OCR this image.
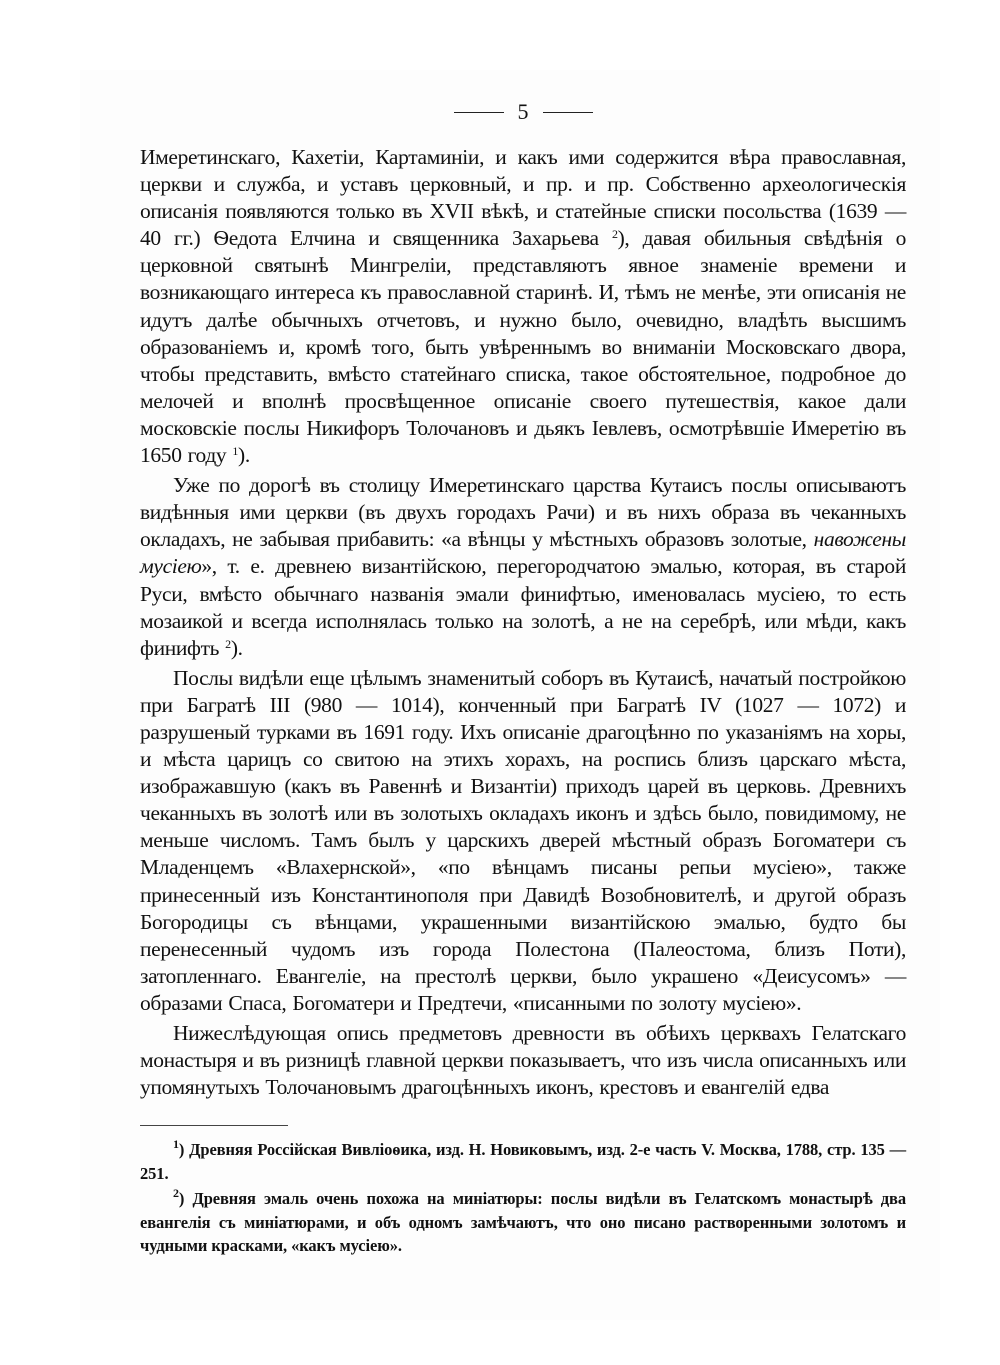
5

Имеретинскаго, Кахетіи, Картаминіи, и какъ ими содержится вѣра православная, церкви и служба, и уставъ церковный, и пр. и пр. Собственно археологическія описанія появляются только въ XVII вѣкѣ, и статейные списки посольства (1639 — 40 гг.) Ѳедота Елчина и священника Захарьева $^2$), давая обильныя свѣдѣнія о церковной святынѣ Мингреліи, представляютъ явное знаменіе времени и возникающаго интереса къ православной старинѣ. И, тѣмъ не менѣе, эти описанія не идутъ далѣе обычныхъ отчетовъ, и нужно было, очевидно, владѣть высшимъ образованіемъ и, кромѣ того, быть увѣреннымъ во вниманіи Московскаго двора, чтобы представить, вмѣсто статейнаго списка, такое обстоятельное, подробное до мелочей и вполнѣ просвѣщенное описаніе своего путешествія, какое дали московскіе послы Никифоръ Толочановъ и дьякъ Іевлевъ, осмотрѣвшіе Имеретію въ 1650 году $^1$).

Уже по дорогѣ въ столицу Имеретинскаго царства Кутаисъ послы описываютъ видѣнныя ими церкви (въ двухъ городахъ Рачи) и въ нихъ образа въ чеканныхъ окладахъ, не забывая прибавить: «а вѣнцы у мѣстныхъ образовъ золотые, навожены мусіею», т. е. древнею византійскою, перегородчатою эмалью, которая, въ старой Руси, вмѣсто обычнаго названія эмали финифтью, именовалась мусіею, то есть мозаикой и всегда исполнялась только на золотѣ, а не на серебрѣ, или мѣди, какъ финифть $^2$).

Послы видѣли еще цѣлымъ знаменитый соборъ въ Кутаисѣ, начатый постройкою при Багратѣ III (980 — 1014), конченный при Багратѣ IV (1027 — 1072) и разрушеный турками въ 1691 году. Ихъ описаніе драгоцѣнно по указаніямъ на хоры, и мѣста царицъ со свитою на этихъ хорахъ, на роспись близъ царскаго мѣста, изображавшую (какъ въ Равеннѣ и Византіи) приходъ царей въ церковь. Древнихъ чеканныхъ въ золотѣ или въ золотыхъ окладахъ иконъ и здѣсь было, повидимому, не меньше числомъ. Тамъ былъ у царскихъ дверей мѣстный образъ Богоматери съ Младенцемъ «Влахернской», «по вѣнцамъ писаны репьи мусіею», также принесенный изъ Константинополя при Давидѣ Возобновителѣ, и другой образъ Богородицы съ вѣнцами, украшенными византійскою эмалью, будто бы перенесенный чудомъ изъ города Полестона (Палеостома, близъ Поти), затопленнаго. Евангеліе, на престолѣ церкви, было украшено «Деисусомъ» — образами Спаса, Богоматери и Предтечи, «писанными по золоту мусіею».

Нижеслѣдующая опись предметовъ древности въ обѣихъ церквахъ Гелатскаго монастыря и въ ризницѣ главной церкви показываетъ, что изъ числа описанныхъ или упомянутыхъ Толочановымъ драгоцѣнныхъ иконъ, крестовъ и евангелій едва

$^1$) Древняя Россійская Вивліоѳика, изд. Н. Новиковымъ, изд. 2-е часть V. Москва, 1788, стр. 135 — 251.

$^2$) Древняя эмаль очень похожа на миніатюры: послы видѣли въ Гелатскомъ монастырѣ два евангелія съ миніатюрами, и объ одномъ замѣчаютъ, что оно писано растворенными золотомъ и чудными красками, «какъ мусіею».
